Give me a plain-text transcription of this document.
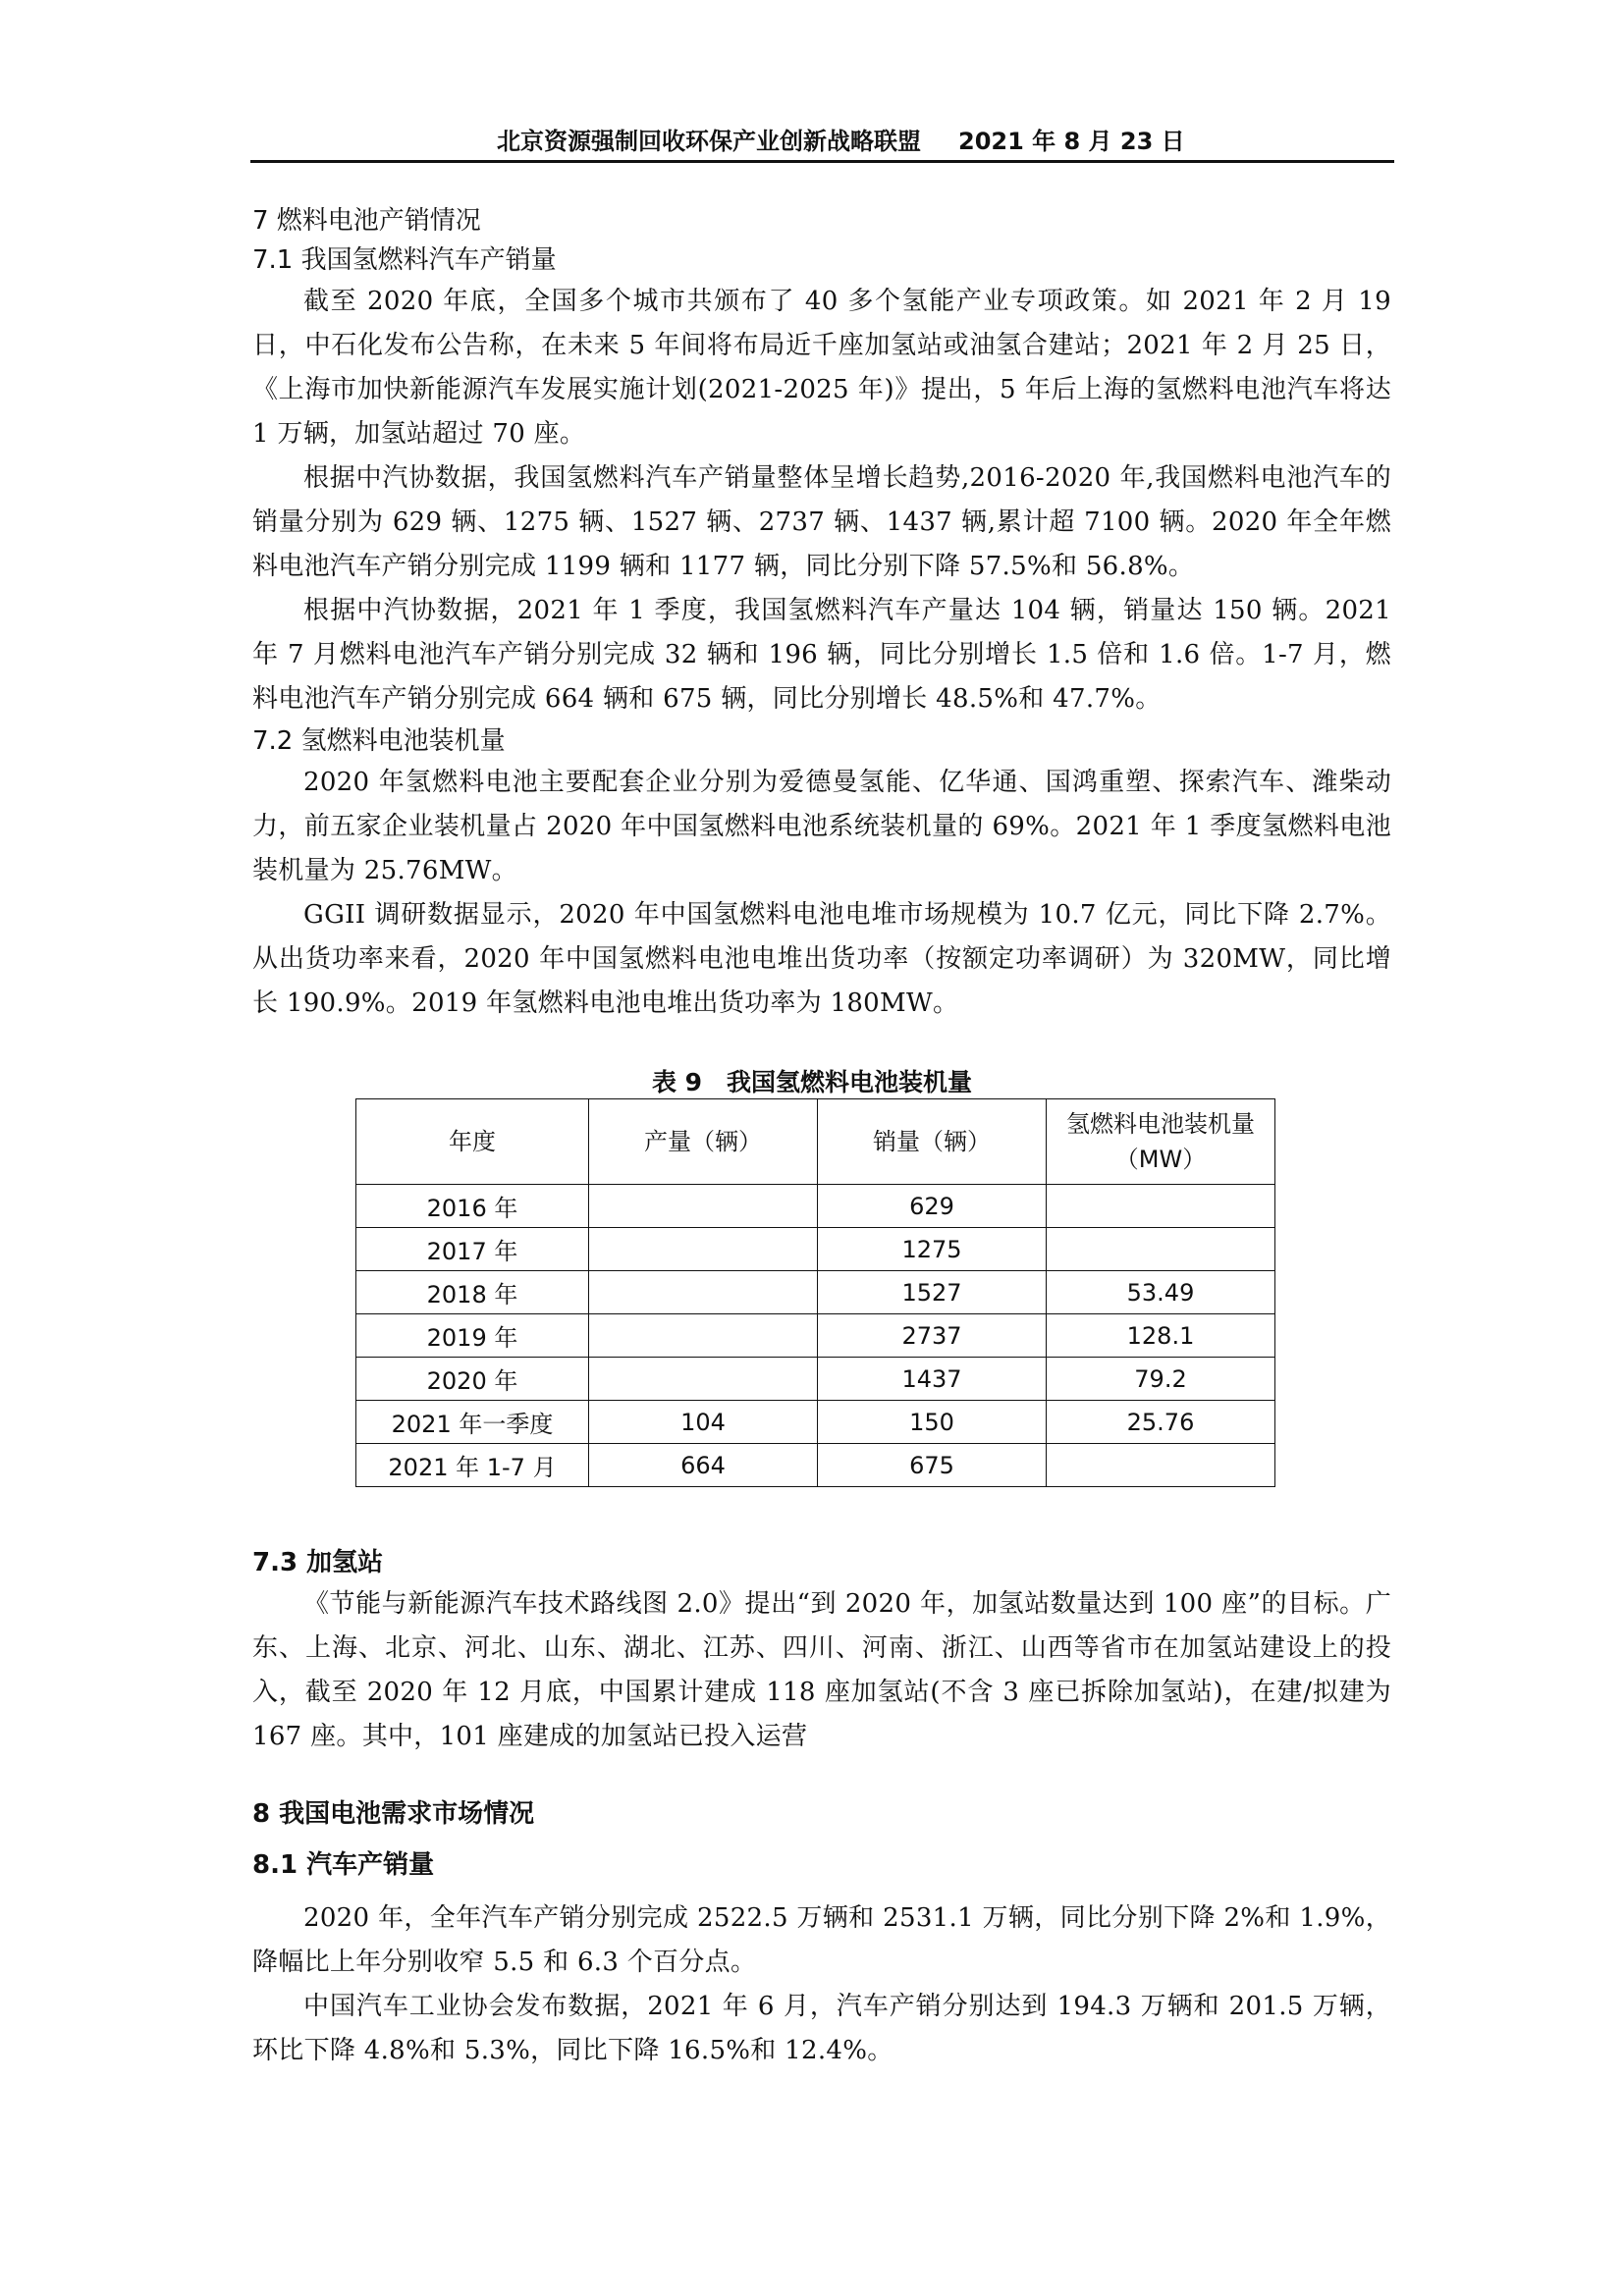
北京资源强制回收环保产业创新战略联盟 2021 年 8 月 23 日
7 燃料电池产销情况
7.1 我国氢燃料汽车产销量

截至 2020 年底，全国多个城市共颁布了 40 多个氢能产业专项政策。如 2021 年 2 月 19 日，中石化发布公告称，在未来 5 年间将布局近千座加氢站或油氢合建站；2021 年 2 月 25 日，《上海市加快新能源汽车发展实施计划(2021-2025 年)》提出，5 年后上海的氢燃料电池汽车将达 1 万辆，加氢站超过 70 座。

根据中汽协数据，我国氢燃料汽车产销量整体呈增长趋势,2016-2020 年,我国燃料电池汽车的销量分别为 629 辆、1275 辆、1527 辆、2737 辆、1437 辆,累计超 7100 辆。2020 年全年燃料电池汽车产销分别完成 1199 辆和 1177 辆，同比分别下降 57.5%和 56.8%。

根据中汽协数据，2021 年 1 季度，我国氢燃料汽车产量达 104 辆，销量达 150 辆。2021 年 7 月燃料电池汽车产销分别完成 32 辆和 196 辆，同比分别增长 1.5 倍和 1.6 倍。1-7 月，燃料电池汽车产销分别完成 664 辆和 675 辆，同比分别增长 48.5%和 47.7%。

7.2 氢燃料电池装机量

2020 年氢燃料电池主要配套企业分别为爱德曼氢能、亿华通、国鸿重塑、探索汽车、潍柴动力，前五家企业装机量占 2020 年中国氢燃料电池系统装机量的 69%。2021 年 1 季度氢燃料电池装机量为 25.76MW。

GGII 调研数据显示，2020 年中国氢燃料电池电堆市场规模为 10.7 亿元，同比下降 2.7%。从出货功率来看，2020 年中国氢燃料电池电堆出货功率（按额定功率调研）为 320MW，同比增长 190.9%。2019 年氢燃料电池电堆出货功率为 180MW。

表 9　我国氢燃料电池装机量
年度	产量（辆）	销量（辆）	氢燃料电池装机量（MW）
2016 年		629	
2017 年		1275	
2018 年		1527	53.49
2019 年		2737	128.1
2020 年		1437	79.2
2021 年一季度	104	150	25.76
2021 年 1-7 月	664	675	
7.3 加氢站

《节能与新能源汽车技术路线图 2.0》提出“到 2020 年，加氢站数量达到 100 座”的目标。广东、上海、北京、河北、山东、湖北、江苏、四川、河南、浙江、山西等省市在加氢站建设上的投入，截至 2020 年 12 月底，中国累计建成 118 座加氢站(不含 3 座已拆除加氢站)，在建/拟建为 167 座。其中，101 座建成的加氢站已投入运营

8 我国电池需求市场情况
8.1 汽车产销量

2020 年，全年汽车产销分别完成 2522.5 万辆和 2531.1 万辆，同比分别下降 2%和 1.9%，降幅比上年分别收窄 5.5 和 6.3 个百分点。

中国汽车工业协会发布数据，2021 年 6 月，汽车产销分别达到 194.3 万辆和 201.5 万辆，环比下降 4.8%和 5.3%，同比下降 16.5%和 12.4%。
